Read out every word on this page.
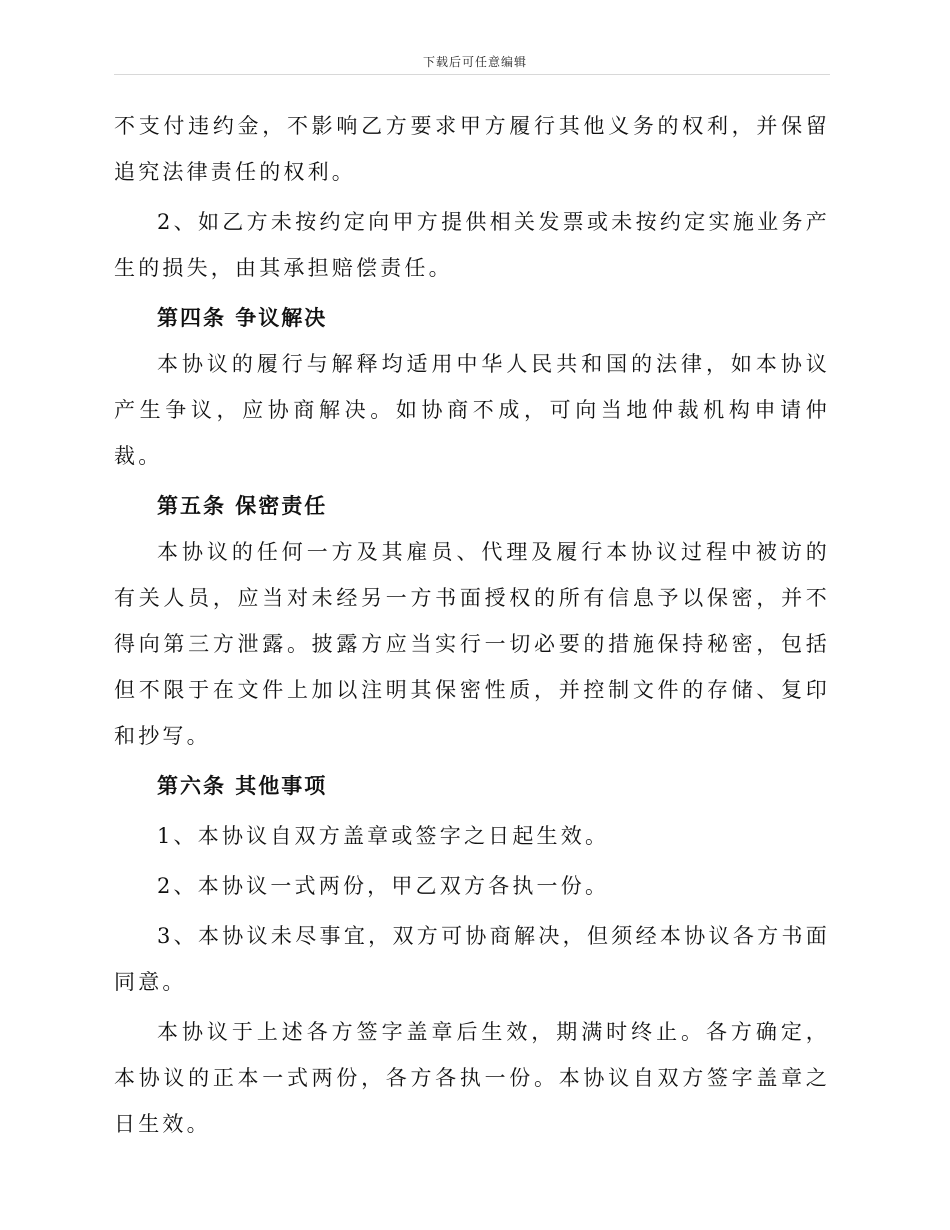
下载后可任意编辑

不支付违约金，不影响乙方要求甲方履行其他义务的权利，并保留追究法律责任的权利。

2、如乙方未按约定向甲方提供相关发票或未按约定实施业务产生的损失，由其承担赔偿责任。

第四条 争议解决

本协议的履行与解释均适用中华人民共和国的法律，如本协议产生争议，应协商解决。如协商不成，可向当地仲裁机构申请仲裁。

第五条 保密责任

本协议的任何一方及其雇员、代理及履行本协议过程中被访的有关人员，应当对未经另一方书面授权的所有信息予以保密，并不得向第三方泄露。披露方应当实行一切必要的措施保持秘密，包括但不限于在文件上加以注明其保密性质，并控制文件的存储、复印和抄写。

第六条 其他事项

1、本协议自双方盖章或签字之日起生效。

2、本协议一式两份，甲乙双方各执一份。

3、本协议未尽事宜，双方可协商解决，但须经本协议各方书面同意。

本协议于上述各方签字盖章后生效，期满时终止。各方确定，本协议的正本一式两份，各方各执一份。本协议自双方签字盖章之日生效。
